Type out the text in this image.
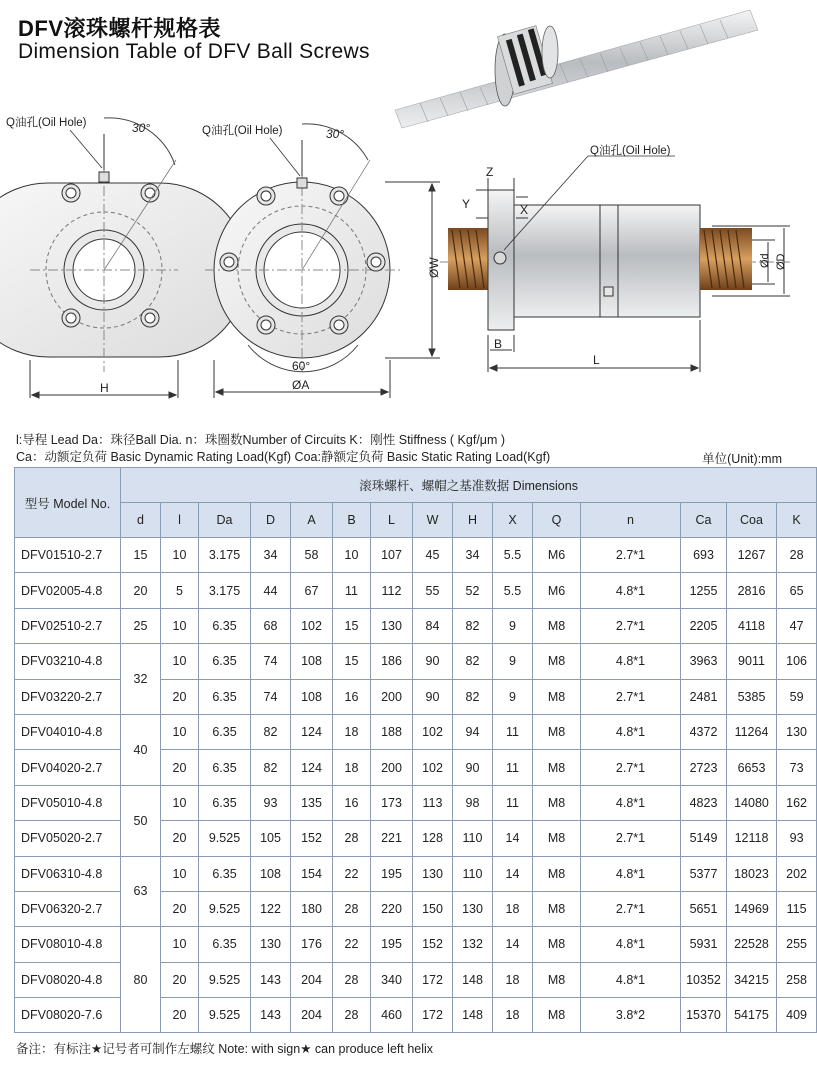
DFV滚珠螺杆规格表
Dimension Table of DFV Ball Screws
Q油孔(Oil Hole)	30°
H
Q油孔(Oil Hole)	30°
60°
ØA
ØW
Q油孔(Oil Hole)
Z
Y	X
B
L
Ød ØD
l:导程 Lead Da：珠径Ball Dia. n：珠圈数Number of Circuits K：刚性 Stiffness ( Kgf/μm )
Ca：动额定负荷 Basic Dynamic Rating Load(Kgf) Coa:静额定负荷 Basic Static Rating Load(Kgf)	单位(Unit):mm
型号 Model No.	滚珠螺杆、螺帽之基准数据 Dimensions														
	d	l	Da	D	A	B	L	W	H	X	Q	n	Ca	Coa	K
DFV01510-2.7	15	10	3.175	34	58	10	107	45	34	5.5	M6	2.7*1	693	1267	28
DFV02005-4.8	20	5	3.175	44	67	11	112	55	52	5.5	M6	4.8*1	1255	2816	65
DFV02510-2.7	25	10	6.35	68	102	15	130	84	82	9	M8	2.7*1	2205	4118	47
DFV03210-4.8	32	10	6.35	74	108	15	186	90	82	9	M8	4.8*1	3963	9011	106
DFV03220-2.7		20	6.35	74	108	16	200	90	82	9	M8	2.7*1	2481	5385	59
DFV04010-4.8	40	10	6.35	82	124	18	188	102	94	11	M8	4.8*1	4372	11264	130
DFV04020-2.7		20	6.35	82	124	18	200	102	90	11	M8	2.7*1	2723	6653	73
DFV05010-4.8	50	10	6.35	93	135	16	173	113	98	11	M8	4.8*1	4823	14080	162
DFV05020-2.7		20	9.525	105	152	28	221	128	110	14	M8	2.7*1	5149	12118	93
DFV06310-4.8	63	10	6.35	108	154	22	195	130	110	14	M8	4.8*1	5377	18023	202
DFV06320-2.7		20	9.525	122	180	28	220	150	130	18	M8	2.7*1	5651	14969	115
DFV08010-4.8	80	10	6.35	130	176	22	195	152	132	14	M8	4.8*1	5931	22528	255
DFV08020-4.8		20	9.525	143	204	28	340	172	148	18	M8	4.8*1	10352	34215	258
DFV08020-7.6		20	9.525	143	204	28	460	172	148	18	M8	3.8*2	15370	54175	409
备注：有标注★记号者可制作左螺纹 Note: with sign★ can produce left helix
